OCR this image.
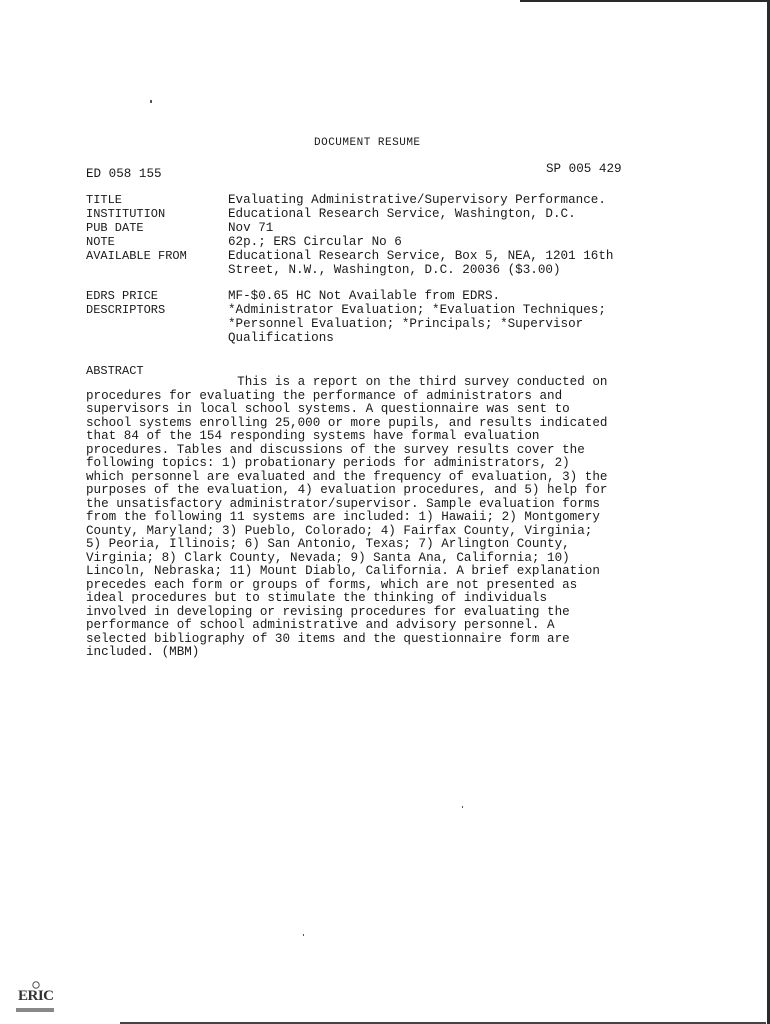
DOCUMENT RESUME
ED 058 155	SP 005 429
TITLE	Evaluating Administrative/Supervisory Performance.
INSTITUTION	Educational Research Service, Washington, D.C.
PUB DATE	Nov 71
NOTE	62p.; ERS Circular No 6
AVAILABLE FROM	Educational Research Service, Box 5, NEA, 1201 16th
Street, N.W., Washington, D.C. 20036 ($3.00)
EDRS PRICE	MF-$0.65 HC Not Available from EDRS.
DESCRIPTORS	*Administrator Evaluation; *Evaluation Techniques;
*Personnel Evaluation; *Principals; *Supervisor
Qualifications
ABSTRACT
This is a report on the third survey conducted on
procedures for evaluating the performance of administrators and
supervisors in local school systems. A questionnaire was sent to
school systems enrolling 25,000 or more pupils, and results indicated
that 84 of the 154 responding systems have formal evaluation
procedures. Tables and discussions of the survey results cover the
following topics: 1) probationary periods for administrators, 2)
which personnel are evaluated and the frequency of evaluation, 3) the
purposes of the evaluation, 4) evaluation procedures, and 5) help for
the unsatisfactory administrator/supervisor. Sample evaluation forms
from the following 11 systems are included: 1) Hawaii; 2) Montgomery
County, Maryland; 3) Pueblo, Colorado; 4) Fairfax County, Virginia;
5) Peoria, Illinois; 6) San Antonio, Texas; 7) Arlington County,
Virginia; 8) Clark County, Nevada; 9) Santa Ana, California; 10)
Lincoln, Nebraska; 11) Mount Diablo, California. A brief explanation
precedes each form or groups of forms, which are not presented as
ideal procedures but to stimulate the thinking of individuals
involved in developing or revising procedures for evaluating the
performance of school administrative and advisory personnel. A
selected bibliography of 30 items and the questionnaire form are
included. (MBM)
ERIC
